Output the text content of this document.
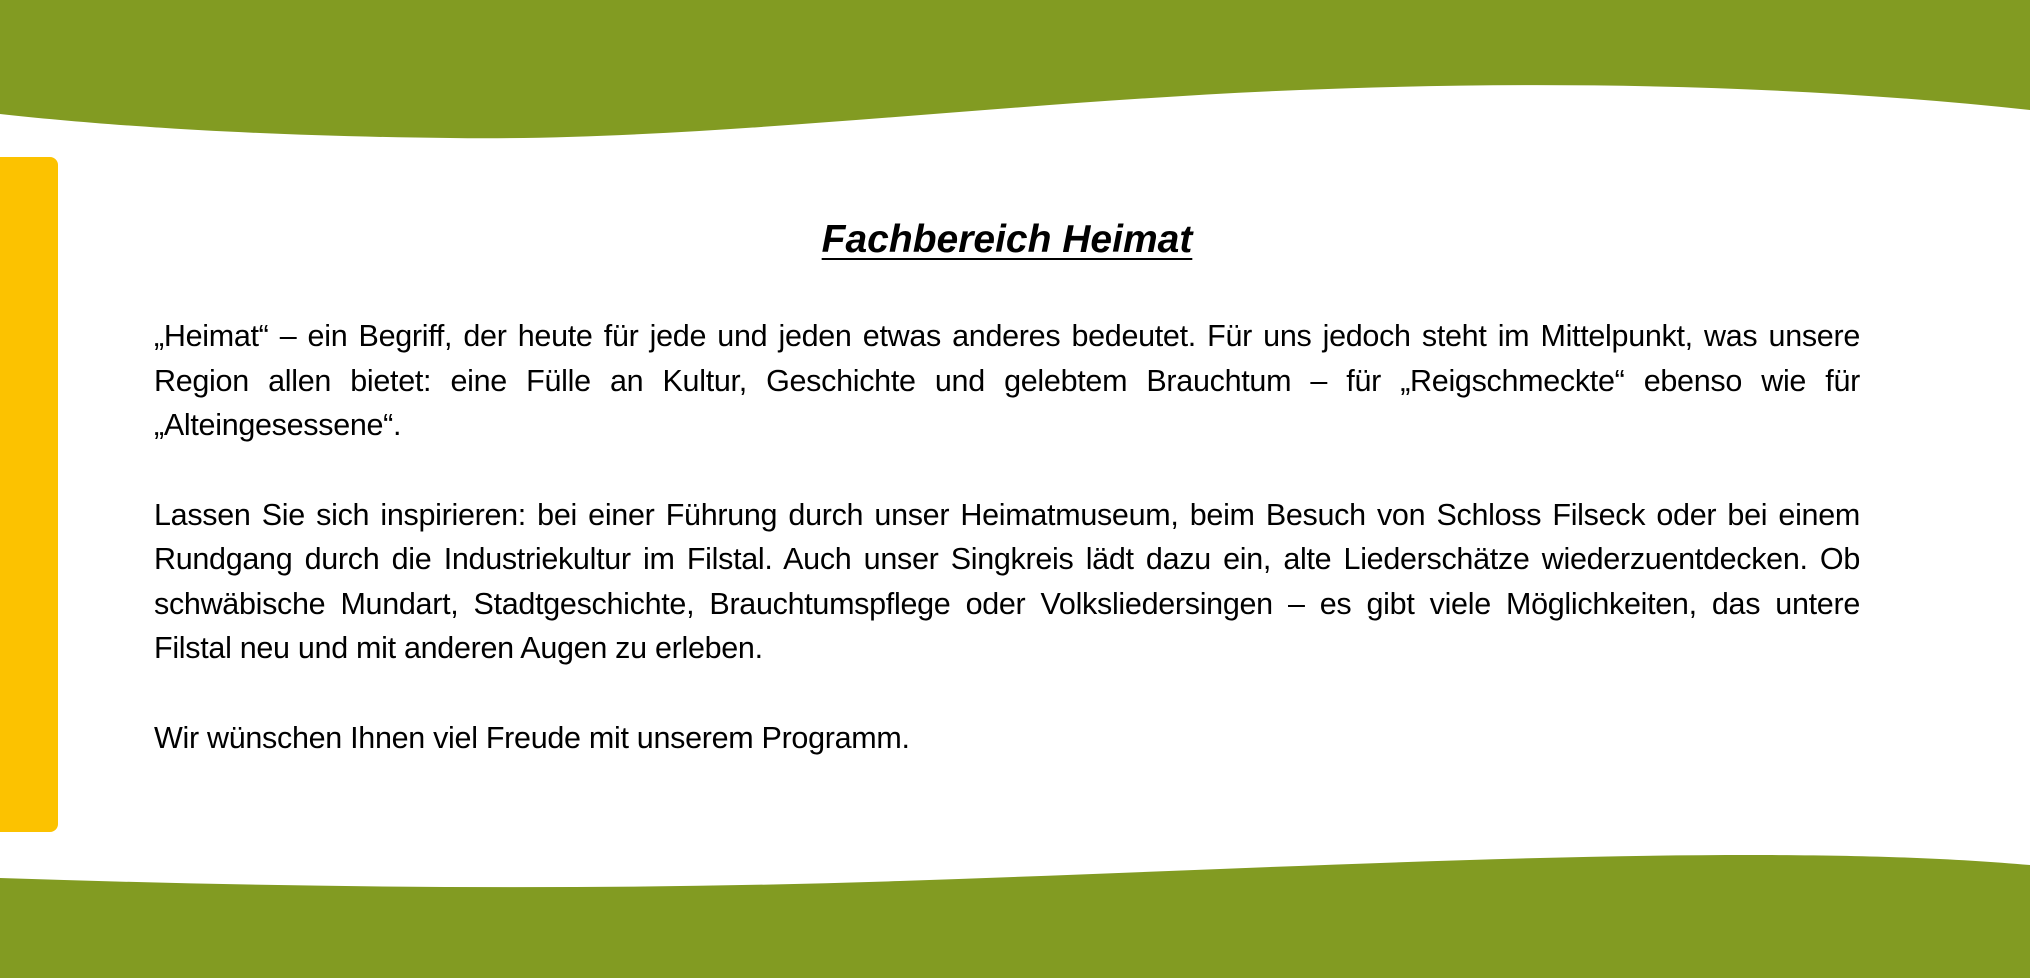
Fachbereich Heimat

„Heimat“ – ein Begriff, der heute für jede und jeden etwas anderes bedeutet. Für uns jedoch steht im Mittelpunkt, was unsere Region allen bietet: eine Fülle an Kultur, Geschichte und gelebtem Brauchtum – für „Reigschmeckte“ ebenso wie für „Alteingesessene“.

Lassen Sie sich inspirieren: bei einer Führung durch unser Heimatmuseum, beim Besuch von Schloss Filseck oder bei einem Rundgang durch die Industriekultur im Filstal. Auch unser Singkreis lädt dazu ein, alte Liederschätze wiederzuentdecken. Ob schwäbische Mundart, Stadtgeschichte, Brauchtumspflege oder Volksliedersingen – es gibt viele Möglichkeiten, das untere Filstal neu und mit anderen Augen zu erleben.

Wir wünschen Ihnen viel Freude mit unserem Programm.
